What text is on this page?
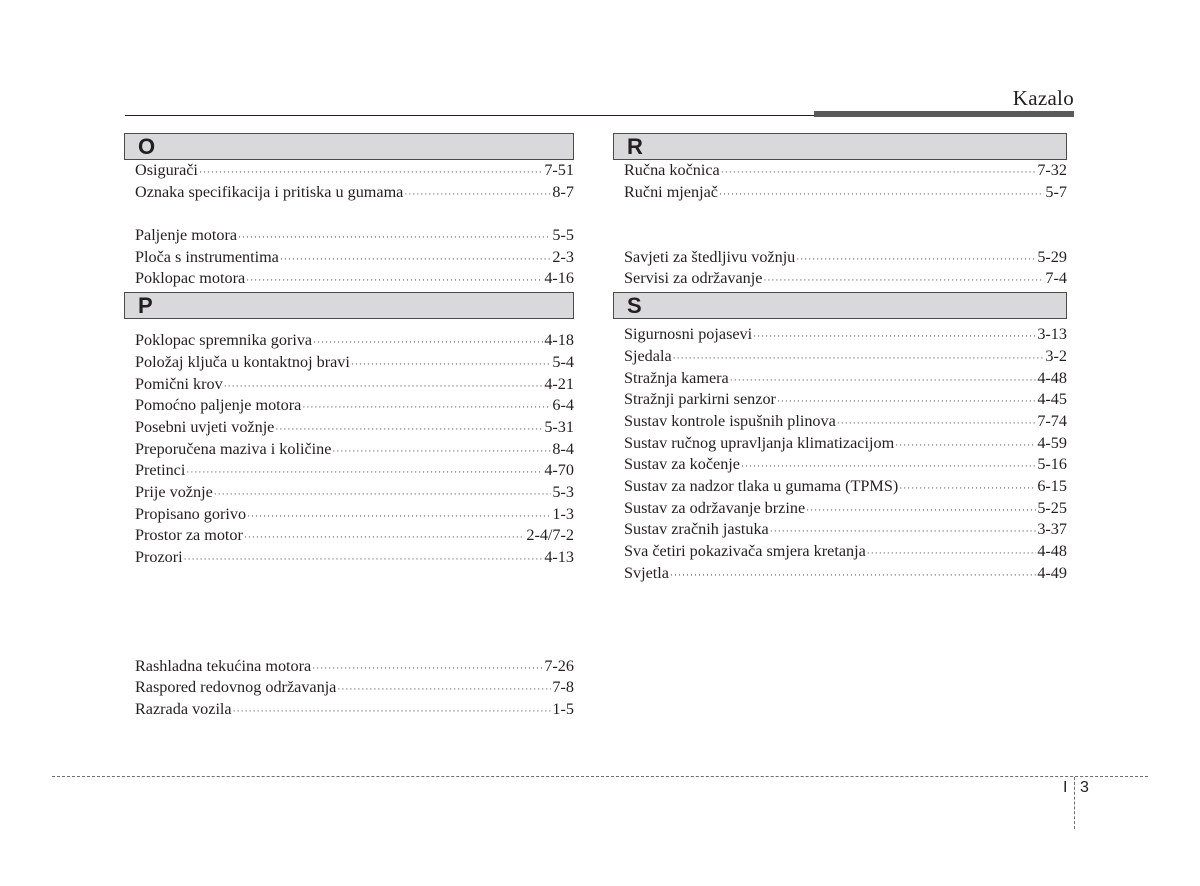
Kazalo
O
Osigurači ·····	7-51
Oznaka specifikacija i pritiska u gumama ·····	8-7
Paljenje motora ·····	5-5
Ploča s instrumentima ·····	2-3
Poklopac motora ·····	4-16
P
Poklopac spremnika goriva ·····	4-18
Položaj ključa u kontaktnoj bravi ·····	5-4
Pomični krov ·····	4-21
Pomoćno paljenje motora ·····	6-4
Posebni uvjeti vožnje ·····	5-31
Preporučena maziva i količine ·····	8-4
Pretinci ·····	4-70
Prije vožnje ·····	5-3
Propisano gorivo ·····	1-3
Prostor za motor ·····	2-4/7-2
Prozori ·····	4-13
Rashladna tekućina motora ·····	7-26
Raspored redovnog održavanja ·····	7-8
Razrada vozila ·····	1-5
R
Ručna kočnica ·····	7-32
Ručni mjenjač ·····	5-7
Savjeti za štedljivu vožnju ·····	5-29
Servisi za održavanje ·····	7-4
S
Sigurnosni pojasevi ·····	3-13
Sjedala ·····	3-2
Stražnja kamera ·····	4-48
Stražnji parkirni senzor ·····	4-45
Sustav kontrole ispušnih plinova ·····	7-74
Sustav ručnog upravljanja klimatizacijom ·····	4-59
Sustav za kočenje ·····	5-16
Sustav za nadzor tlaka u gumama (TPMS) ·····	6-15
Sustav za održavanje brzine ·····	5-25
Sustav zračnih jastuka ·····	3-37
Sva četiri pokazivača smjera kretanja ·····	4-48
Svjetla ·····	4-49
I 3
